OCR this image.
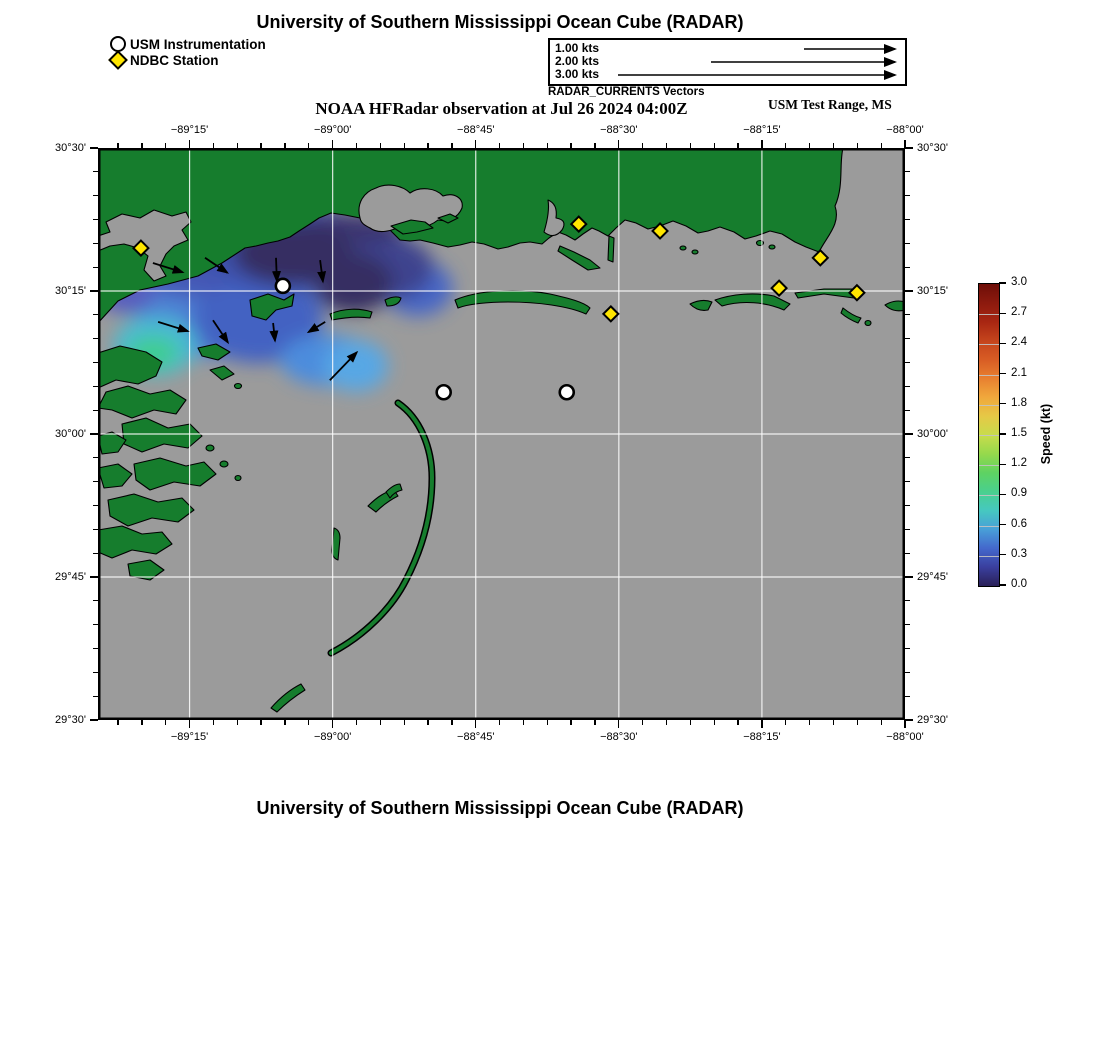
University of Southern Mississippi Ocean Cube (RADAR)
USM Instrumentation
NDBC Station
1.00 kts
2.00 kts
3.00 kts
RADAR_CURRENTS Vectors
USM Test Range, MS
NOAA HFRadar observation at Jul 26 2024 04:00Z
−89°15'
−89°15'
−89°00'
−89°00'
−88°45'
−88°45'
−88°30'
−88°30'
−88°15'
−88°15'
−88°00'
−88°00'
30°30'	30°30'
30°15'	30°15'
30°00'	30°00'
29°45'	29°45'
29°30'	29°30'
0.0
0.3
0.6
0.9
1.2
1.5
1.8
2.1
2.4
2.7
3.0
Speed (kt)
University of Southern Mississippi Ocean Cube (RADAR)
